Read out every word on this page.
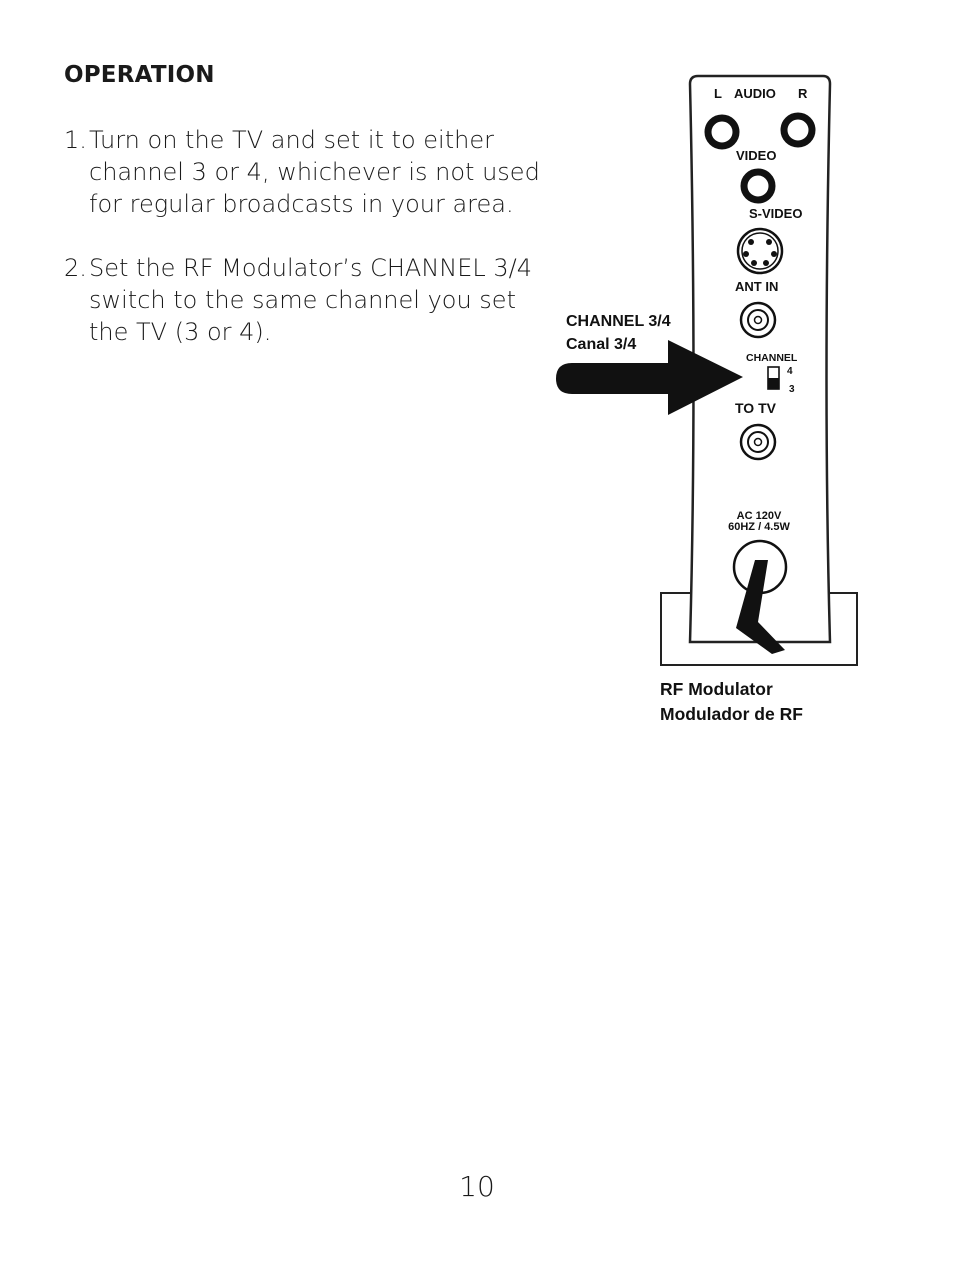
OPERATION
1. Turn on the TV and set it to either channel 3 or 4, whichever is not used for regular broadcasts in your area.
2. Set the RF Modulator’s CHANNEL 3/4 switch to the same channel you set the TV (3 or 4).
L AUDIO R
VIDEO
S-VIDEO
ANT IN
CHANNEL
4
3
CHANNEL 3/4
Canal 3/4
TO TV
AC 120V
60HZ / 4.5W
RF Modulator
Modulador de RF
10
